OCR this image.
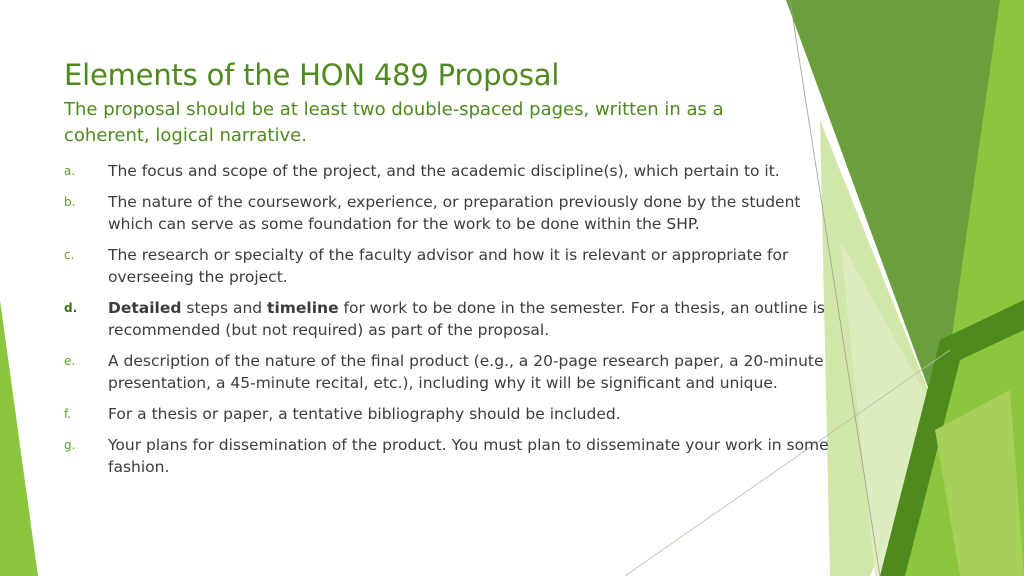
Elements of the HON 489 Proposal
The proposal should be at least two double-spaced pages, written in as a coherent, logical narrative.
a.	The focus and scope of the project, and the academic discipline(s), which pertain to it.
b.	The nature of the coursework, experience, or preparation previously done by the student which can serve as some foundation for the work to be done within the SHP.
c.	The research or specialty of the faculty advisor and how it is relevant or appropriate for overseeing the project.
d.	Detailed steps and timeline for work to be done in the semester. For a thesis, an outline is recommended (but not required) as part of the proposal.
e.	A description of the nature of the final product (e.g., a 20-page research paper, a 20-minute presentation, a 45-minute recital, etc.), including why it will be significant and unique.
f.	For a thesis or paper, a tentative bibliography should be included.
g.	Your plans for dissemination of the product. You must plan to disseminate your work in some fashion.
